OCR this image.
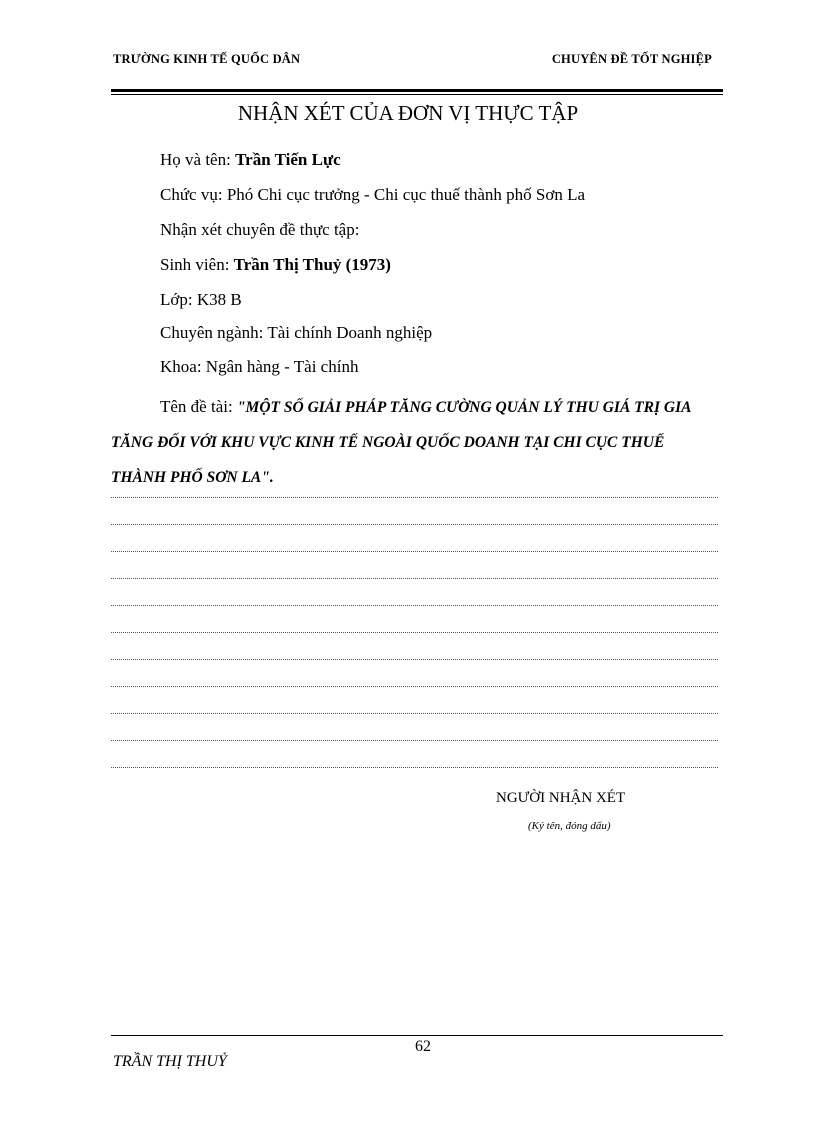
TRƯỜNG KINH TẾ QUỐC DÂN	CHUYÊN ĐỀ TỐT NGHIỆP
NHẬN XÉT CỦA ĐƠN VỊ THỰC TẬP
Họ và tên: Trần Tiến Lực
Chức vụ: Phó Chi cục trưởng - Chi cục thuế thành phố Sơn La
Nhận xét chuyên đề thực tập:
Sinh viên: Trần Thị Thuỷ (1973)
Lớp: K38 B
Chuyên ngành: Tài chính Doanh nghiệp
Khoa: Ngân hàng - Tài chính
Tên đề tài: "MỘT SỐ GIẢI PHÁP TĂNG CƯỜNG QUẢN LÝ THU GIÁ TRỊ GIA TĂNG ĐỐI VỚI KHU VỰC KINH TẾ NGOÀI QUỐC DOANH TẠI CHI CỤC THUẾ THÀNH PHỐ SƠN LA".
NGƯỜI NHẬN XÉT
(Ký tên, đóng dấu)
62
TRẦN THỊ THUỶ
